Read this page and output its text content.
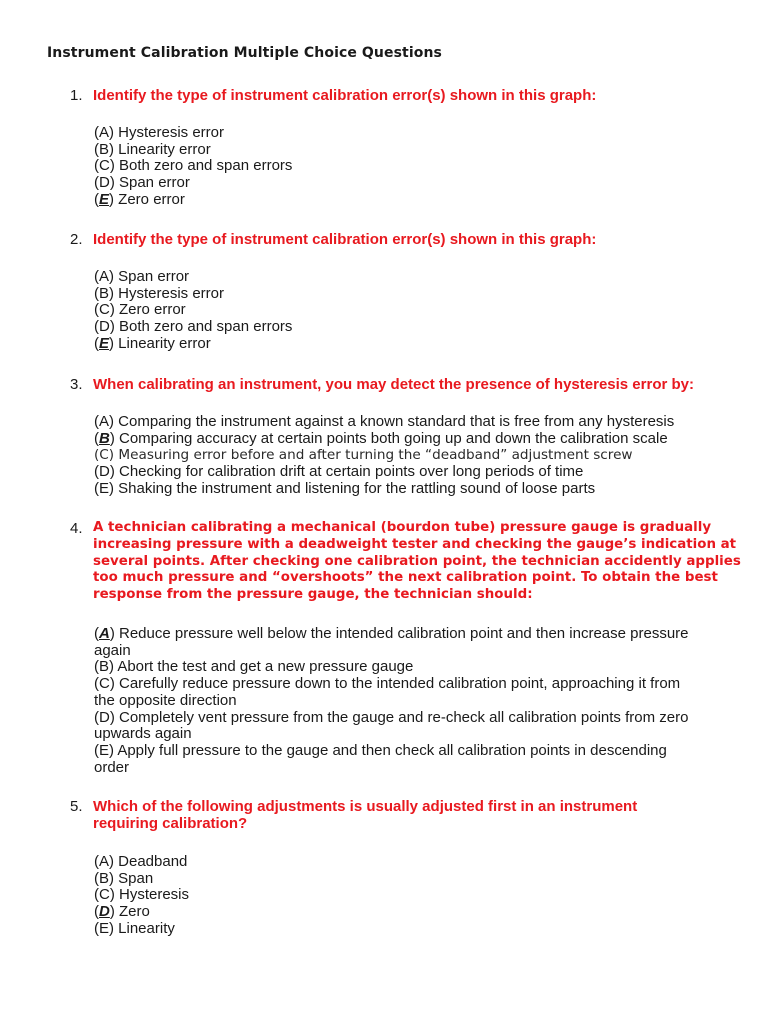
Instrument Calibration Multiple Choice Questions
1. Identify the type of instrument calibration error(s) shown in this graph:
(A) Hysteresis error
(B) Linearity error
(C) Both zero and span errors
(D) Span error
(E) Zero error
2. Identify the type of instrument calibration error(s) shown in this graph:
(A) Span error
(B) Hysteresis error
(C) Zero error
(D) Both zero and span errors
(E) Linearity error
3. When calibrating an instrument, you may detect the presence of hysteresis error by:
(A) Comparing the instrument against a known standard that is free from any hysteresis
(B) Comparing accuracy at certain points both going up and down the calibration scale
(C) Measuring error before and after turning the “deadband” adjustment screw
(D) Checking for calibration drift at certain points over long periods of time
(E) Shaking the instrument and listening for the rattling sound of loose parts
4. A technician calibrating a mechanical (bourdon tube) pressure gauge is gradually
increasing pressure with a deadweight tester and checking the gauge’s indication at
several points. After checking one calibration point, the technician accidently applies
too much pressure and “overshoots” the next calibration point. To obtain the best
response from the pressure gauge, the technician should:
(A) Reduce pressure well below the intended calibration point and then increase pressure
again
(B) Abort the test and get a new pressure gauge
(C) Carefully reduce pressure down to the intended calibration point, approaching it from
the opposite direction
(D) Completely vent pressure from the gauge and re-check all calibration points from zero
upwards again
(E) Apply full pressure to the gauge and then check all calibration points in descending
order
5. Which of the following adjustments is usually adjusted first in an instrument
requiring calibration?
(A) Deadband
(B) Span
(C) Hysteresis
(D) Zero
(E) Linearity
